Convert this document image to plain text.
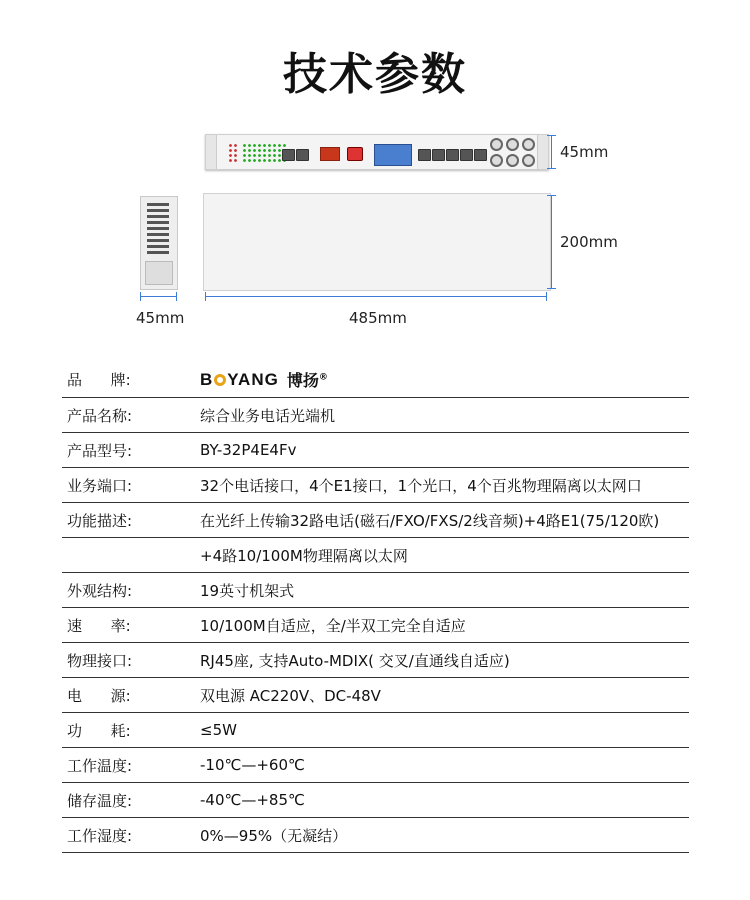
技术参数
45mm
200mm
45mm	485mm
品      牌:	B YANG 博扬®
产品名称:	综合业务电话光端机
产品型号:	BY-32P4E4Fv
业务端口:	32个电话接口，4个E1接口，1个光口，4个百兆物理隔离以太网口
功能描述:	在光纤上传输32路电话(磁石/FXO/FXS/2线音频)+4路E1(75/120欧)
+4路10/100M物理隔离以太网
外观结构:	19英寸机架式
速      率:	10/100M自适应，全/半双工完全自适应
物理接口:	RJ45座, 支持Auto-MDIX( 交叉/直通线自适应)
电      源:	双电源 AC220V、DC-48V
功      耗:	≤5W
工作温度:	-10℃—+60℃
储存温度:	-40℃—+85℃
工作湿度:	0%—95%（无凝结）
